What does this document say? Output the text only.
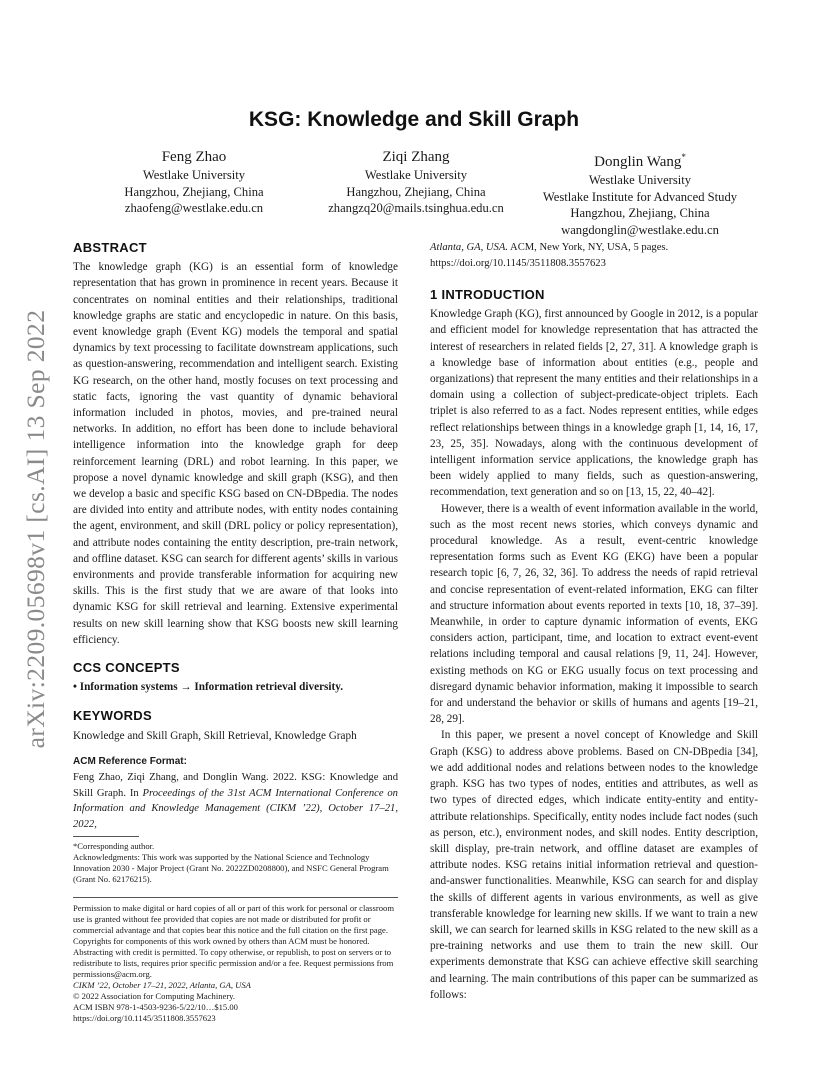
arXiv:2209.05698v1 [cs.AI] 13 Sep 2022
KSG: Knowledge and Skill Graph
Feng Zhao
Westlake University
Hangzhou, Zhejiang, China
zhaofeng@westlake.edu.cn
Ziqi Zhang
Westlake University
Hangzhou, Zhejiang, China
zhangzq20@mails.tsinghua.edu.cn
Donglin Wang*
Westlake University
Westlake Institute for Advanced Study
Hangzhou, Zhejiang, China
wangdonglin@westlake.edu.cn
ABSTRACT

The knowledge graph (KG) is an essential form of knowledge representation that has grown in prominence in recent years. Because it concentrates on nominal entities and their relationships, traditional knowledge graphs are static and encyclopedic in nature. On this basis, event knowledge graph (Event KG) models the temporal and spatial dynamics by text processing to facilitate downstream applications, such as question-answering, recommendation and intelligent search. Existing KG research, on the other hand, mostly focuses on text processing and static facts, ignoring the vast quantity of dynamic behavioral information included in photos, movies, and pre-trained neural networks. In addition, no effort has been done to include behavioral intelligence information into the knowledge graph for deep reinforcement learning (DRL) and robot learning. In this paper, we propose a novel dynamic knowledge and skill graph (KSG), and then we develop a basic and specific KSG based on CN-DBpedia. The nodes are divided into entity and attribute nodes, with entity nodes containing the agent, environment, and skill (DRL policy or policy representation), and attribute nodes containing the entity description, pre-train network, and offline dataset. KSG can search for different agents’ skills in various environments and provide transferable information for acquiring new skills. This is the first study that we are aware of that looks into dynamic KSG for skill retrieval and learning. Extensive experimental results on new skill learning show that KSG boosts new skill learning efficiency.

CCS CONCEPTS
• Information systems → Information retrieval diversity.
KEYWORDS
Knowledge and Skill Graph, Skill Retrieval, Knowledge Graph
ACM Reference Format:
Feng Zhao, Ziqi Zhang, and Donglin Wang. 2022. KSG: Knowledge and Skill Graph. In Proceedings of the 31st ACM International Conference on Information and Knowledge Management (CIKM ’22), October 17–21, 2022,
*Corresponding author.
Acknowledgments: This work was supported by the National Science and Technology Innovation 2030 - Major Project (Grant No. 2022ZD0208800), and NSFC General Program (Grant No. 62176215).
Permission to make digital or hard copies of all or part of this work for personal or classroom use is granted without fee provided that copies are not made or distributed for profit or commercial advantage and that copies bear this notice and the full citation on the first page. Copyrights for components of this work owned by others than ACM must be honored. Abstracting with credit is permitted. To copy otherwise, or republish, to post on servers or to redistribute to lists, requires prior specific permission and/or a fee. Request permissions from permissions@acm.org.
CIKM ’22, October 17–21, 2022, Atlanta, GA, USA
© 2022 Association for Computing Machinery.
ACM ISBN 978-1-4503-9236-5/22/10…$15.00
https://doi.org/10.1145/3511808.3557623
Atlanta, GA, USA. ACM, New York, NY, USA, 5 pages. https://doi.org/10.1145/3511808.3557623
1 INTRODUCTION

Knowledge Graph (KG), first announced by Google in 2012, is a popular and efficient model for knowledge representation that has attracted the interest of researchers in related fields [2, 27, 31]. A knowledge graph is a knowledge base of information about entities (e.g., people and organizations) that represent the many entities and their relationships in a domain using a collection of subject-predicate-object triplets. Each triplet is also referred to as a fact. Nodes represent entities, while edges reflect relationships between things in a knowledge graph [1, 14, 16, 17, 23, 25, 35]. Nowadays, along with the continuous development of intelligent information service applications, the knowledge graph has been widely applied to many fields, such as question-answering, recommendation, text generation and so on [13, 15, 22, 40–42].

However, there is a wealth of event information available in the world, such as the most recent news stories, which conveys dynamic and procedural knowledge. As a result, event-centric knowledge representation forms such as Event KG (EKG) have been a popular research topic [6, 7, 26, 32, 36]. To address the needs of rapid retrieval and concise representation of event-related information, EKG can filter and structure information about events reported in texts [10, 18, 37–39]. Meanwhile, in order to capture dynamic information of events, EKG considers action, participant, time, and location to extract event-event relations including temporal and causal relations [9, 11, 24]. However, existing methods on KG or EKG usually focus on text processing and disregard dynamic behavior information, making it impossible to search for and understand the behavior or skills of humans and agents [19–21, 28, 29].

In this paper, we present a novel concept of Knowledge and Skill Graph (KSG) to address above problems. Based on CN-DBpedia [34], we add additional nodes and relations between nodes to the knowledge graph. KSG has two types of nodes, entities and attributes, as well as two types of directed edges, which indicate entity-entity and entity-attribute relationships. Specifically, entity nodes include fact nodes (such as person, etc.), environment nodes, and skill nodes. Entity description, skill display, pre-train network, and offline dataset are examples of attribute nodes. KSG retains initial information retrieval and question-and-answer functionalities. Meanwhile, KSG can search for and display the skills of different agents in various environments, as well as give transferable knowledge for learning new skills. If we want to train a new skill, we can search for learned skills in KSG related to the new skill as a pre-training networks and use them to train the new skill. Our experiments demonstrate that KSG can achieve effective skill searching and learning. The main contributions of this paper can be summarized as follows:
